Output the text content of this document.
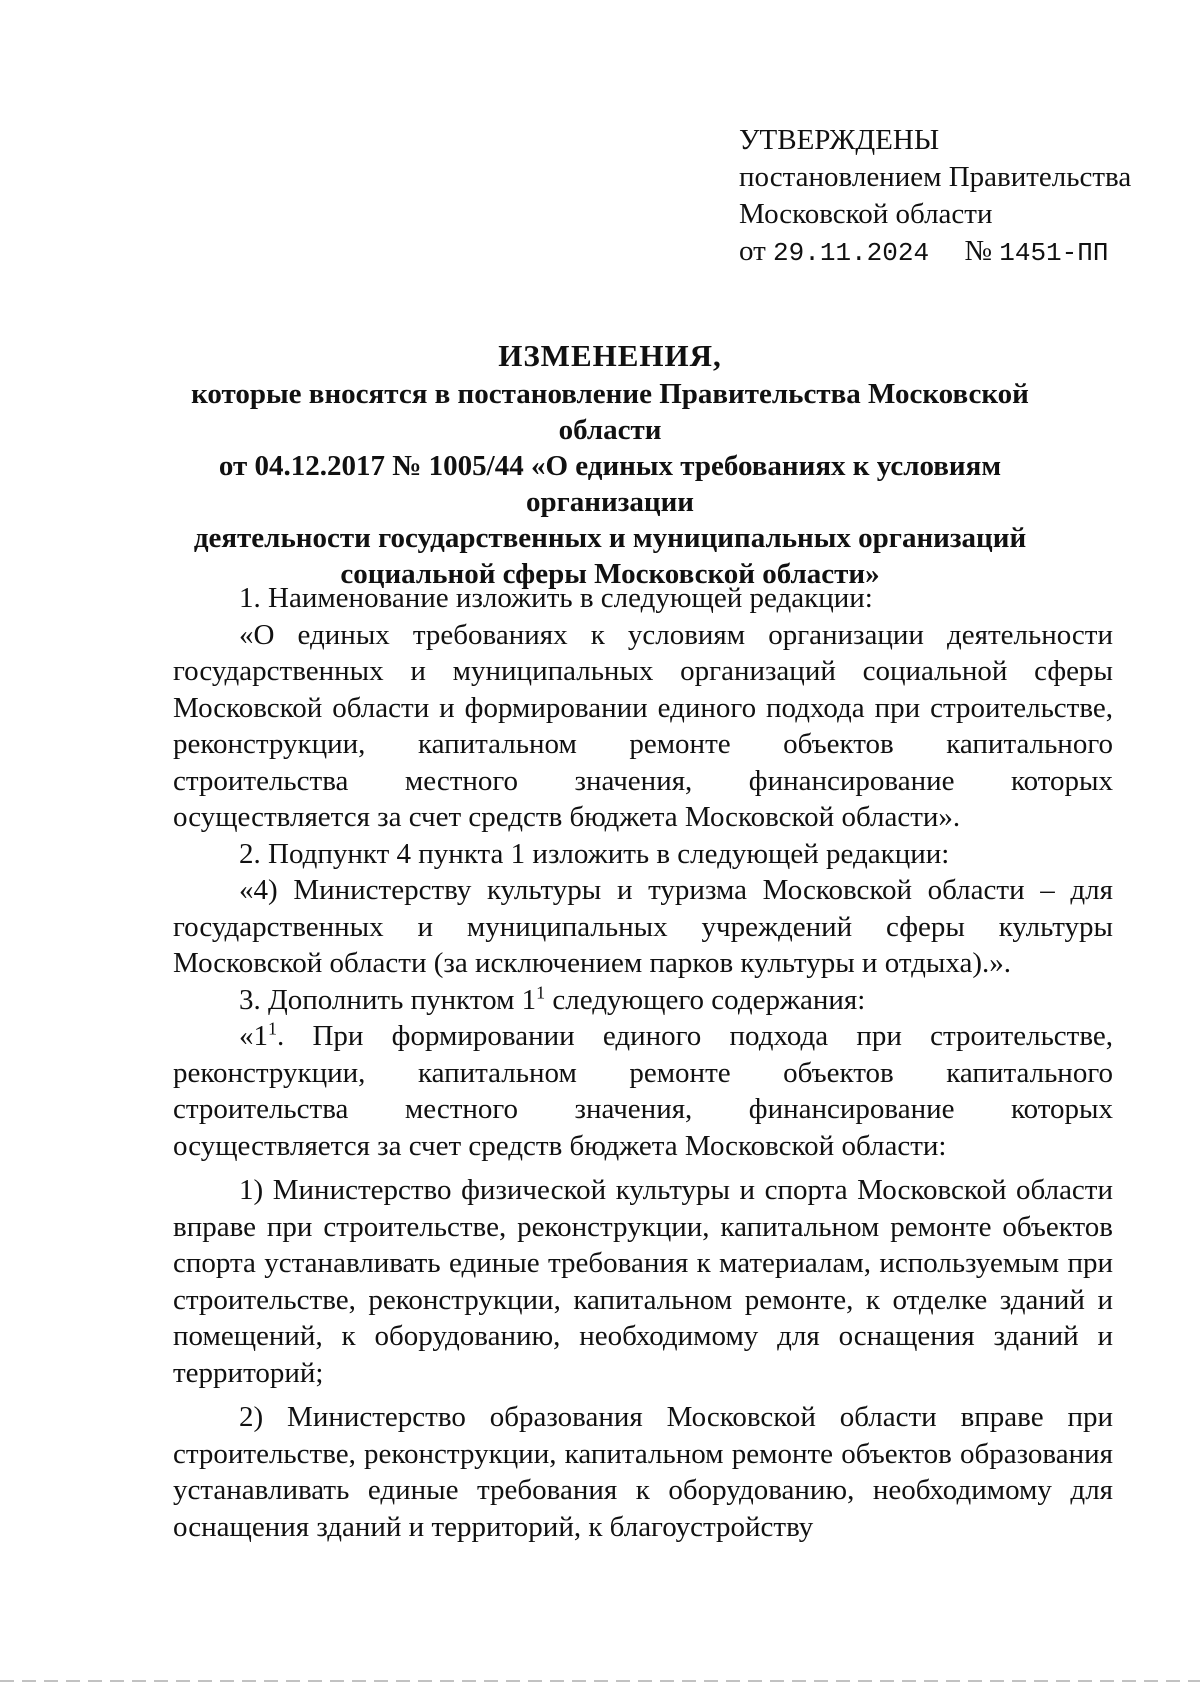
УТВЕРЖДЕНЫ
постановлением Правительства
Московской области
от 29.11.2024 № 1451-ПП
ИЗМЕНЕНИЯ,
которые вносятся в постановление Правительства Московской области
от 04.12.2017 № 1005/44 «О единых требованиях к условиям организации
деятельности государственных и муниципальных организаций
социальной сферы Московской области»

1. Наименование изложить в следующей редакции:

«О единых требованиях к условиям организации деятельности государственных и муниципальных организаций социальной сферы Московской области и формировании единого подхода при строительстве, реконструкции, капитальном ремонте объектов капитального строительства местного значения, финансирование которых осуществляется за счет средств бюджета Московской области».

2. Подпункт 4 пункта 1 изложить в следующей редакции:

«4) Министерству культуры и туризма Московской области – для государственных и муниципальных учреждений сферы культуры Московской области (за исключением парков культуры и отдыха).».

3. Дополнить пунктом $1^1$ следующего содержания:

«$1^1$. При формировании единого подхода при строительстве, реконструкции, капитальном ремонте объектов капитального строительства местного значения, финансирование которых осуществляется за счет средств бюджета Московской области:

1) Министерство физической культуры и спорта Московской области вправе при строительстве, реконструкции, капитальном ремонте объектов спорта устанавливать единые требования к материалам, используемым при строительстве, реконструкции, капитальном ремонте, к отделке зданий и помещений, к оборудованию, необходимому для оснащения зданий и территорий;

2) Министерство образования Московской области вправе при строительстве, реконструкции, капитальном ремонте объектов образования устанавливать единые требования к оборудованию, необходимому для оснащения зданий и территорий, к благоустройству
